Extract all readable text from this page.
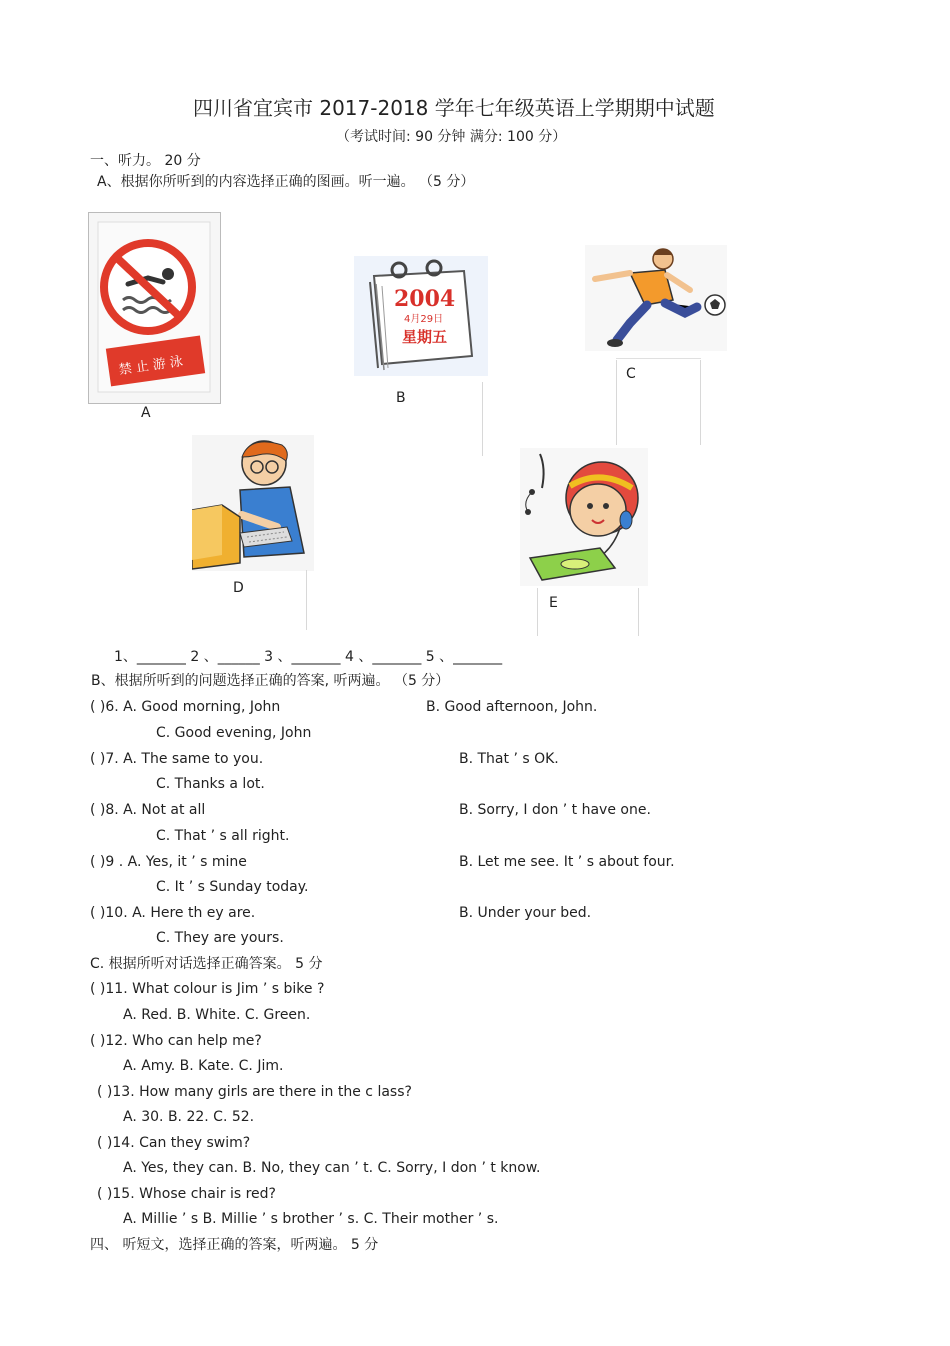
四川省宜宾市 2017-2018 学年七年级英语上学期期中试题
（考试时间: 90 分钟 满分: 100 分）
一、听力。 20 分
A、根据你所听到的内容选择正确的图画。听一遍。 （5 分）
禁 止 游 泳
A
2004
4月29日
星期五
B
C
D
E
1、_______ 2 、______ 3 、_______ 4 、_______ 5 、_______
B、根据所听到的问题选择正确的答案, 听两遍。 （5 分）
( )6. A. Good morning, John	B. Good afternoon, John.
C. Good evening, John
( )7. A. The same to you.	B. That ’ s OK.
C. Thanks a lot.
( )8. A. Not at all	B. Sorry, I don ’ t have one.
C. That ’ s all right.
( )9 . A. Yes, it ’ s mine	B. Let me see. It ’ s about four.
C. It ’ s Sunday today.
( )10. A. Here th ey are.	B. Under your bed.
C. They are yours.
C. 根据所听对话选择正确答案。 5 分
( )11. What colour is Jim ’ s bike ?
A. Red. B. White. C. Green.
( )12. Who can help me?
A. Amy. B. Kate. C. Jim.
( )13. How many girls are there in the c lass?
A. 30. B. 22. C. 52.
( )14. Can they swim?
A. Yes, they can. B. No, they can ’ t. C. Sorry, I don ’ t know.
( )15. Whose chair is red?
A. Millie ’ s B. Millie ’ s brother ’ s. C. Their mother ’ s.
四、 听短文，选择正确的答案，听两遍。 5 分
